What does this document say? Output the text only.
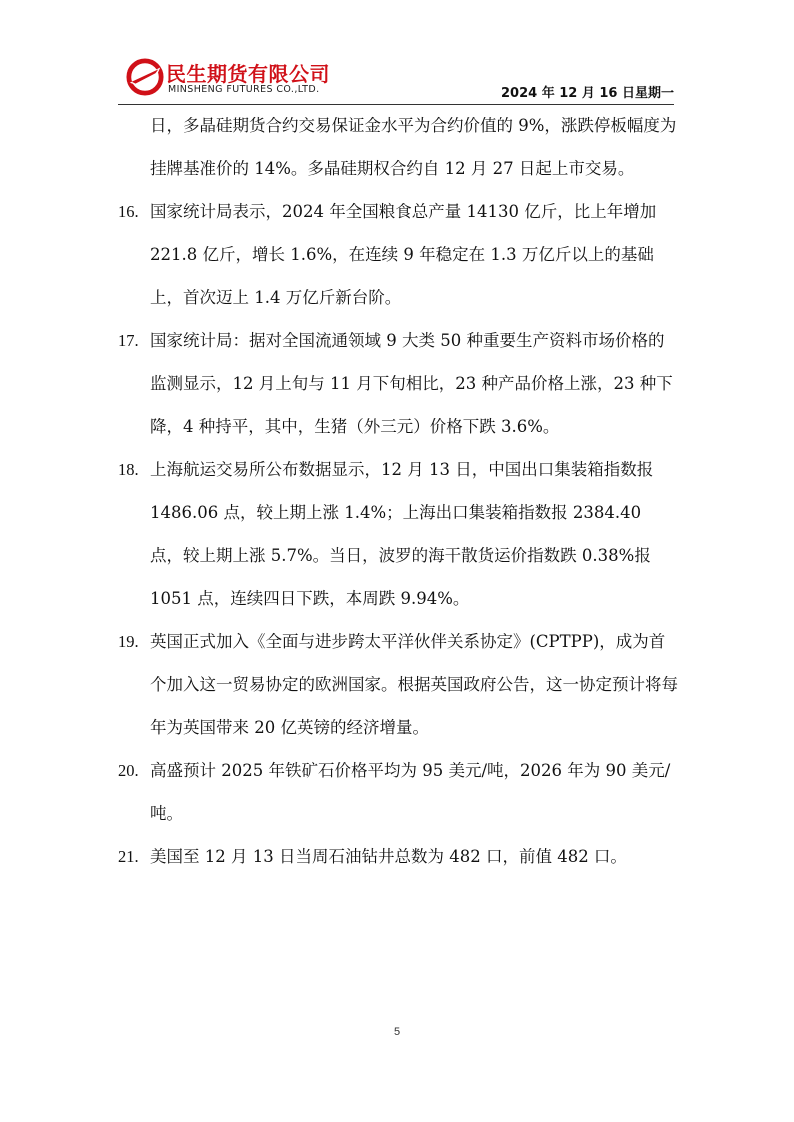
民生期货有限公司
MINSHENG FUTURES CO.,LTD.	2024 年 12 月 16 日星期一
日，多晶硅期货合约交易保证金水平为合约价值的 9%，涨跌停板幅度为挂牌基准价的 14%。多晶硅期权合约自 12 月 27 日起上市交易。
16. 国家统计局表示，2024 年全国粮食总产量 14130 亿斤，比上年增加 221.8 亿斤，增长 1.6%，在连续 9 年稳定在 1.3 万亿斤以上的基础上，首次迈上 1.4 万亿斤新台阶。
17. 国家统计局：据对全国流通领域 9 大类 50 种重要生产资料市场价格的监测显示，12 月上旬与 11 月下旬相比，23 种产品价格上涨，23 种下降，4 种持平，其中，生猪（外三元）价格下跌 3.6%。
18. 上海航运交易所公布数据显示，12 月 13 日，中国出口集装箱指数报 1486.06 点，较上期上涨 1.4%；上海出口集装箱指数报 2384.40 点，较上期上涨 5.7%。当日，波罗的海干散货运价指数跌 0.38%报 1051 点，连续四日下跌，本周跌 9.94%。
19. 英国正式加入《全面与进步跨太平洋伙伴关系协定》(CPTPP)，成为首个加入这一贸易协定的欧洲国家。根据英国政府公告，这一协定预计将每年为英国带来 20 亿英镑的经济增量。
20. 高盛预计 2025 年铁矿石价格平均为 95 美元/吨，2026 年为 90 美元/吨。
21. 美国至 12 月 13 日当周石油钻井总数为 482 口，前值 482 口。
5
